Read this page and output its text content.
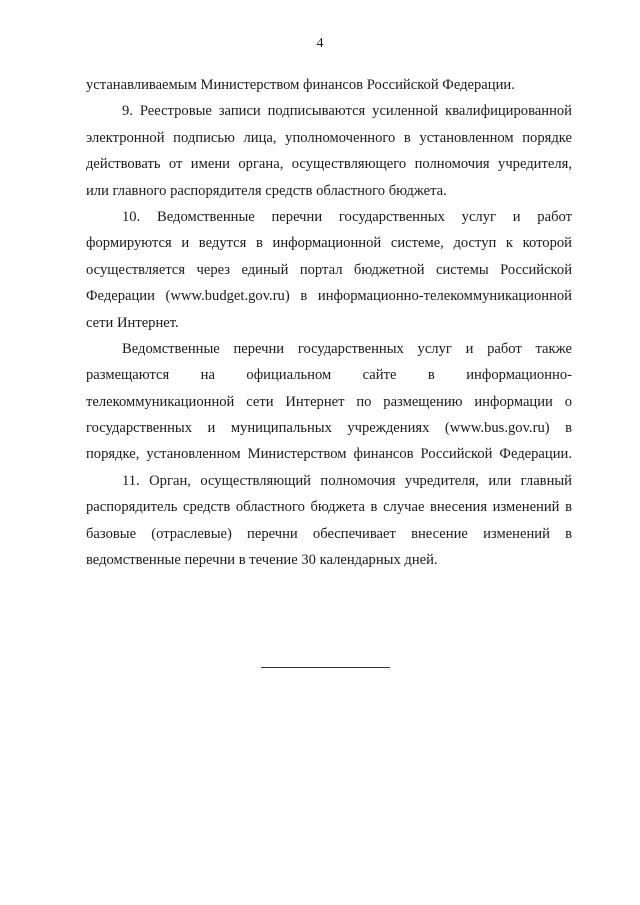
4
устанавливаемым Министерством финансов Российской Федерации.
9. Реестровые записи подписываются усиленной квалифицированной
электронной подписью лица, уполномоченного в установленном порядке
действовать от имени органа, осуществляющего полномочия учредителя,
или главного распорядителя средств областного бюджета.
10. Ведомственные перечни государственных услуг и работ
формируются и ведутся в информационной системе, доступ к которой
осуществляется через единый портал бюджетной системы Российской
Федерации (www.budget.gov.ru) в информационно-телекоммуникационной
сети Интернет.
Ведомственные перечни государственных услуг и работ также
размещаются на официальном сайте в информационно-
телекоммуникационной сети Интернет по размещению информации о
государственных и муниципальных учреждениях (www.bus.gov.ru) в
порядке, установленном Министерством финансов Российской Федерации.
11. Орган, осуществляющий полномочия учредителя, или главный
распорядитель средств областного бюджета в случае внесения изменений в
базовые (отраслевые) перечни обеспечивает внесение изменений в
ведомственные перечни в течение 30 календарных дней.
